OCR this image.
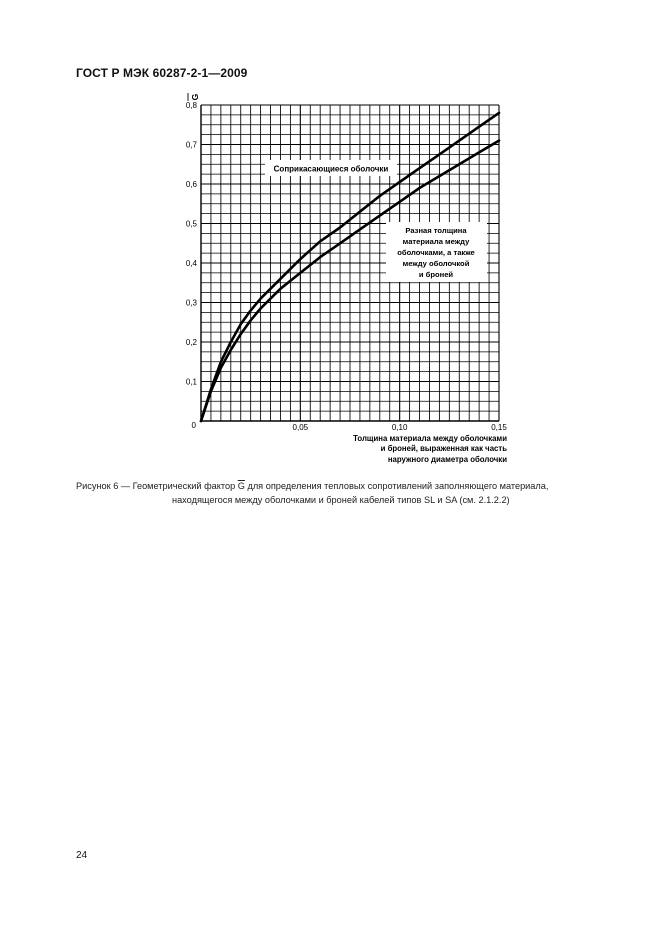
ГОСТ Р МЭК 60287-2-1—2009
0
0,1
0,2
0,3
0,4
0,5
0,6
0,7
0,8
0,05	0,10	0,15
Соприкасающиеся оболочки
Разная толщина
материала между
оболочками, а также
между оболочкой
и броней
G
Толщина материала между оболочками
и броней, выраженная как часть
наружного диаметра оболочки
Рисунок 6 — Геометрический фактор $\overline{G}$ для определения тепловых сопротивлений заполняющего материала,
находящегося между оболочками и броней кабелей типов SL и SA (см. 2.1.2.2)
24
